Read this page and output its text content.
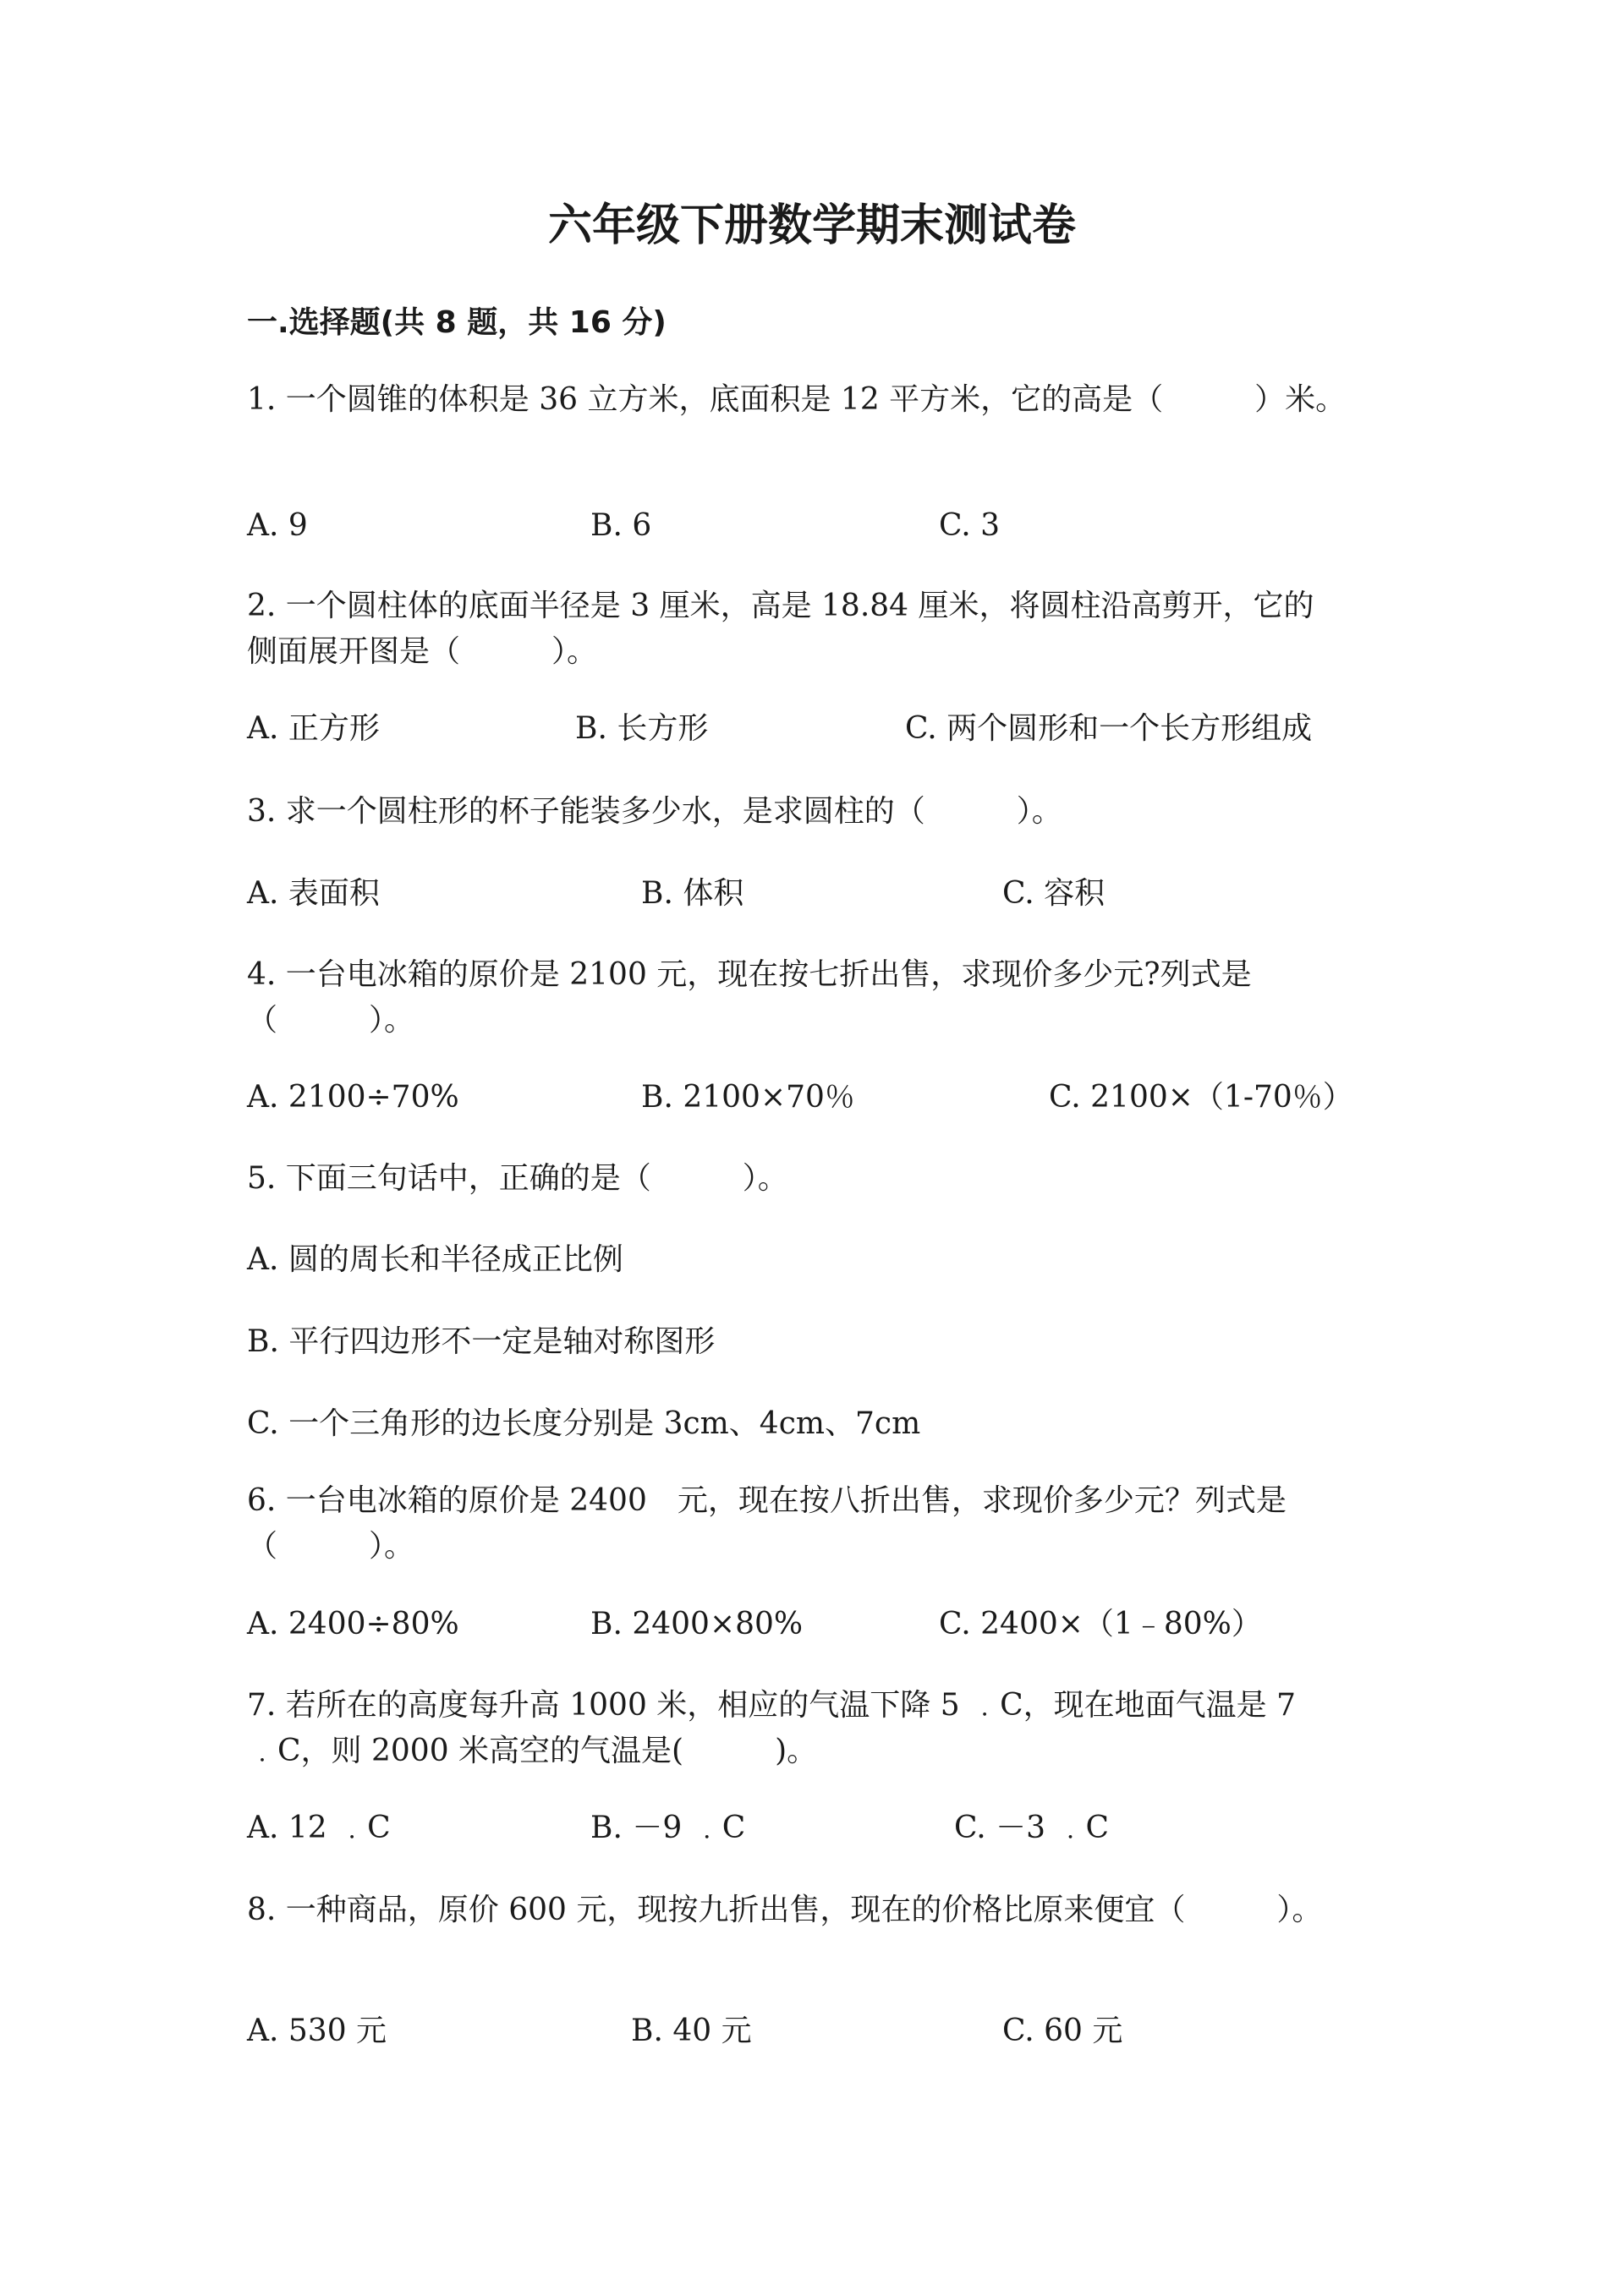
六年级下册数学期末测试卷
一.选择题(共 8 题，共 16 分)

1. 一个圆锥的体积是 36 立方米，底面积是 12 平方米，它的高是（　　　）米。

A. 9	B. 6	C. 3

2. 一个圆柱体的底面半径是 3 厘米，高是 18.84 厘米，将圆柱沿高剪开，它的
侧面展开图是（　　　）。

A. 正方形	B. 长方形	C. 两个圆形和一个长方形组成

3. 求一个圆柱形的杯子能装多少水，是求圆柱的（　　　）。

A. 表面积	B. 体积	C. 容积

4. 一台电冰箱的原价是 2100 元，现在按七折出售，求现价多少元?列式是
（　　　）。

A. 2100÷70%	B. 2100×70％	C. 2100×（1-70％）

5. 下面三句话中，正确的是（　　　）。

A. 圆的周长和半径成正比例

B. 平行四边形不一定是轴对称图形

C. 一个三角形的边长度分别是 3cm、4cm、7cm

6. 一台电冰箱的原价是 2400　元，现在按八折出售，求现价多少元？列式是
（　　　）。

A. 2400÷80%	B. 2400×80%	C. 2400×（1﹣80%）

7. 若所在的高度每升高 1000 米，相应的气温下降 5 ﹒C，现在地面气温是 7
﹒C，则 2000 米高空的气温是(　　　)。

A. 12 ﹒C	B. －9 ﹒C	C. －3 ﹒C

8. 一种商品，原价 600 元，现按九折出售，现在的价格比原来便宜（　　　）。

A. 530 元	B. 40 元	C. 60 元
